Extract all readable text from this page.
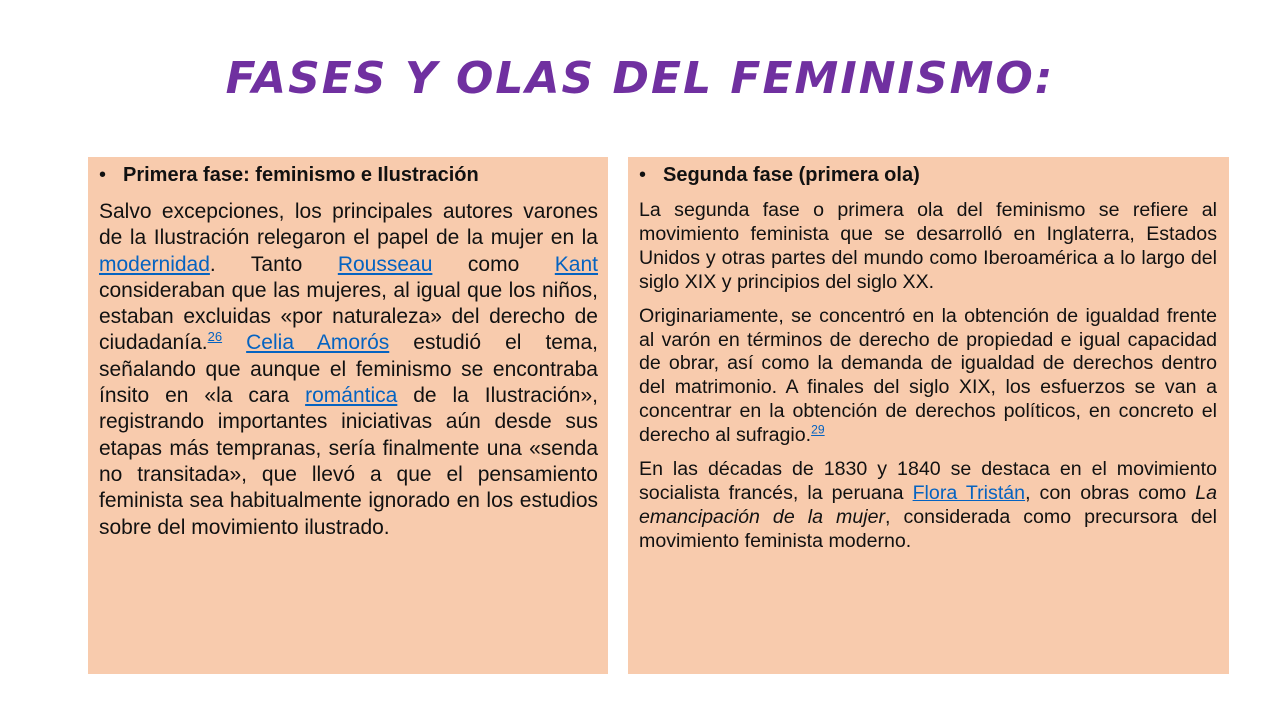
FASES Y OLAS DEL FEMINISMO:
• Primera fase: feminismo e Ilustración

Salvo excepciones, los principales autores varones de la Ilustración relegaron el papel de la mujer en la modernidad. Tanto Rousseau como Kant consideraban que las mujeres, al igual que los niños, estaban excluidas «por naturaleza» del derecho de ciudadanía.$^{26}$ Celia Amorós estudió el tema, señalando que aunque el feminismo se encontraba ínsito en «la cara romántica de la Ilustración», registrando importantes iniciativas aún desde sus etapas más tempranas, sería finalmente una «senda no transitada», que llevó a que el pensamiento feminista sea habitualmente ignorado en los estudios sobre del movimiento ilustrado.

• Segunda fase (primera ola)

La segunda fase o primera ola del feminismo se refiere al movimiento feminista que se desarrolló en Inglaterra, Estados Unidos y otras partes del mundo como Iberoamérica a lo largo del siglo XIX y principios del siglo XX.

Originariamente, se concentró en la obtención de igualdad frente al varón en términos de derecho de propiedad e igual capacidad de obrar, así como la demanda de igualdad de derechos dentro del matrimonio. A finales del siglo XIX, los esfuerzos se van a concentrar en la obtención de derechos políticos, en concreto el derecho al sufragio.$^{29}$

En las décadas de 1830 y 1840 se destaca en el movimiento socialista francés, la peruana Flora Tristán, con obras como La emancipación de la mujer, considerada como precursora del movimiento feminista moderno.
